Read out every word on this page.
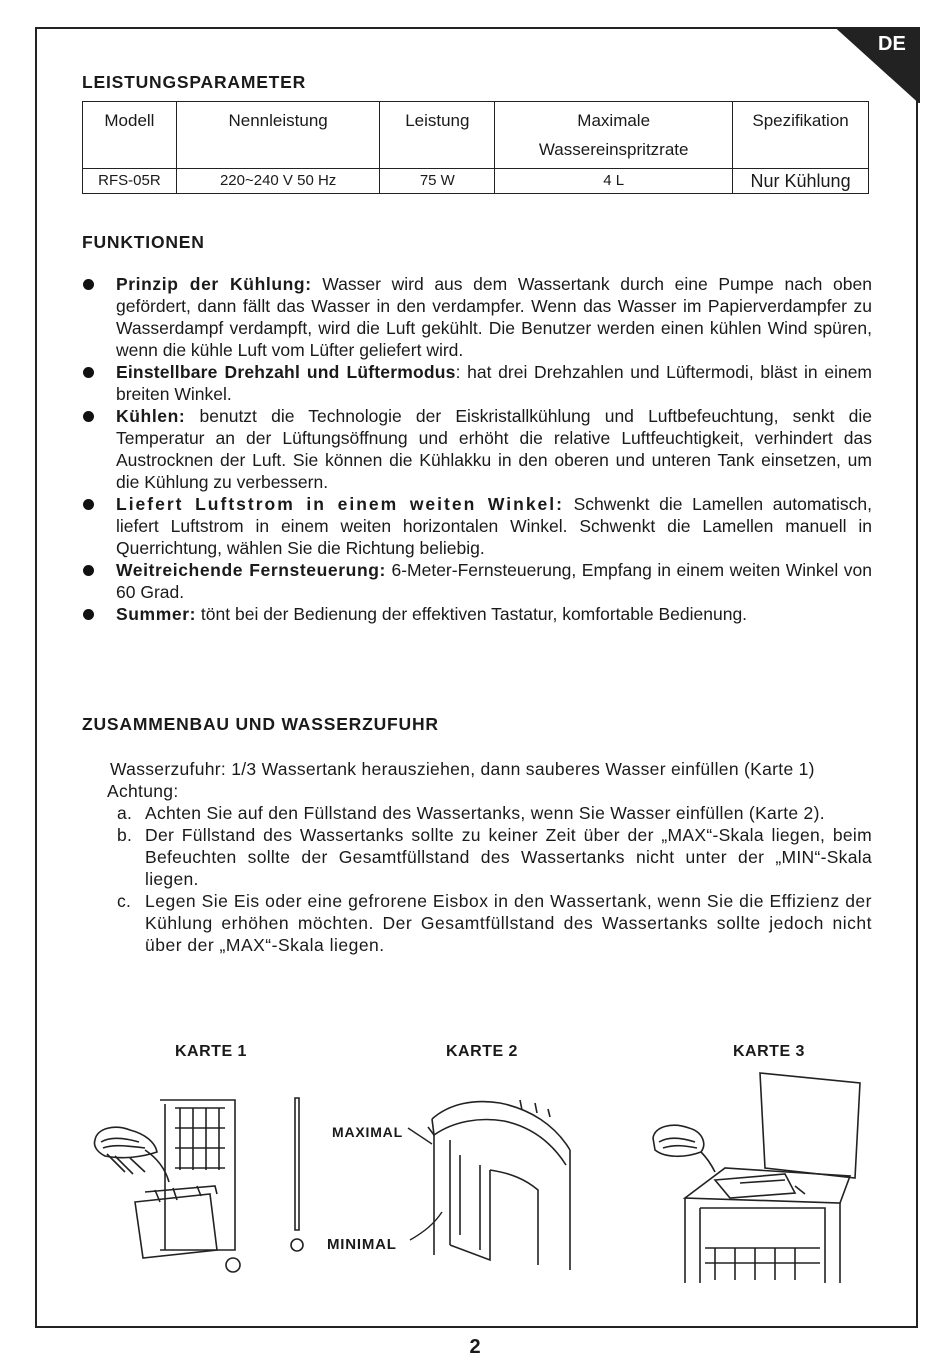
DE
LEISTUNGSPARAMETER
Modell	Nennleistung	Leistung	Maximale Wassereinspritzrate	Spezifikation
RFS-05R	220~240 V 50 Hz	75 W	4 L	Nur Kühlung
FUNKTIONEN
Prinzip der Kühlung: Wasser wird aus dem Wassertank durch eine Pumpe nach oben gefördert, dann fällt das Wasser in den verdampfer. Wenn das Wasser im Papierverdampfer zu Wasserdampf verdampft, wird die Luft gekühlt. Die Benutzer werden einen kühlen Wind spüren, wenn die kühle Luft vom Lüfter geliefert wird.
Einstellbare Drehzahl und Lüftermodus: hat drei Drehzahlen und Lüftermodi, bläst in einem breiten Winkel.
Kühlen: benutzt die Technologie der Eiskristallkühlung und Luftbefeuchtung, senkt die Temperatur an der Lüftungsöffnung und erhöht die relative Luftfeuchtigkeit, verhindert das Austrocknen der Luft. Sie können die Kühlakku in den oberen und unteren Tank einsetzen, um die Kühlung zu verbessern.
Liefert Luftstrom in einem weiten Winkel: Schwenkt die Lamellen automatisch, liefert Luftstrom in einem weiten horizontalen Winkel. Schwenkt die Lamellen manuell in Querrichtung, wählen Sie die Richtung beliebig.
Weitreichende Fernsteuerung: 6-Meter-Fernsteuerung, Empfang in einem weiten Winkel von 60 Grad.
Summer: tönt bei der Bedienung der effektiven Tastatur, komfortable Bedienung.
ZUSAMMENBAU UND WASSERZUFUHR

Wasserzufuhr: 1/3 Wassertank herausziehen, dann sauberes Wasser einfüllen (Karte 1)

Achtung:

a. Achten Sie auf den Füllstand des Wassertanks, wenn Sie Wasser einfüllen (Karte 2).
b. Der Füllstand des Wassertanks sollte zu keiner Zeit über der „MAX“-Skala liegen, beim Befeuchten sollte der Gesamtfüllstand des Wassertanks nicht unter der „MIN“-Skala liegen.
c. Legen Sie Eis oder eine gefrorene Eisbox in den Wassertank, wenn Sie die Effizienz der Kühlung erhöhen möchten. Der Gesamtfüllstand des Wassertanks sollte jedoch nicht über der „MAX“-Skala liegen.
KARTE 1	KARTE 2	KARTE 3
MAXIMAL
MINIMAL
2
